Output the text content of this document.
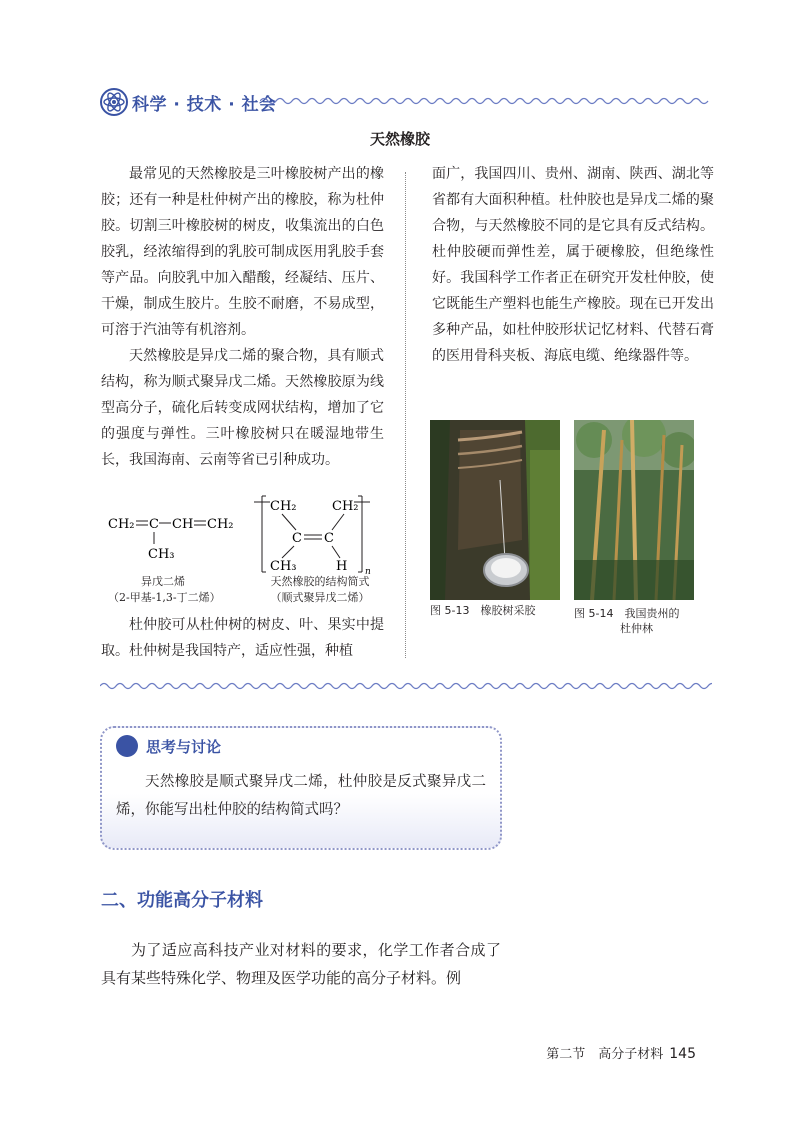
科学 · 技术 · 社会
天然橡胶

最常见的天然橡胶是三叶橡胶树产出的橡胶；还有一种是杜仲树产出的橡胶，称为杜仲胶。切割三叶橡胶树的树皮，收集流出的白色胶乳，经浓缩得到的乳胶可制成医用乳胶手套等产品。向胶乳中加入醋酸，经凝结、压片、干燥，制成生胶片。生胶不耐磨，不易成型，可溶于汽油等有机溶剂。

天然橡胶是异戊二烯的聚合物，具有顺式结构，称为顺式聚异戊二烯。天然橡胶原为线型高分子，硫化后转变成网状结构，增加了它的强度与弹性。三叶橡胶树只在暖湿地带生长，我国海南、云南等省已引种成功。

CH₂ C CH CH₂
CH₃
异戊二烯
（2-甲基-1,3-丁二烯）
CH₂	CH₂
C C
CH₃	H n
天然橡胶的结构简式
（顺式聚异戊二烯）

杜仲胶可从杜仲树的树皮、叶、果实中提取。杜仲树是我国特产，适应性强，种植

面广，我国四川、贵州、湖南、陕西、湖北等省都有大面积种植。杜仲胶也是异戊二烯的聚合物，与天然橡胶不同的是它具有反式结构。杜仲胶硬而弹性差，属于硬橡胶，但绝缘性好。我国科学工作者正在研究开发杜仲胶，使它既能生产塑料也能生产橡胶。现在已开发出多种产品，如杜仲胶形状记忆材料、代替石膏的医用骨科夹板、海底电缆、绝缘器件等。

图 5-13　橡胶树采胶	图 5-14　我国贵州的
杜仲林
思考与讨论

天然橡胶是顺式聚异戊二烯，杜仲胶是反式聚异戊二烯，你能写出杜仲胶的结构简式吗？

二、功能高分子材料

为了适应高科技产业对材料的要求，化学工作者合成了具有某些特殊化学、物理及医学功能的高分子材料。例

第二节　高分子材料 145
